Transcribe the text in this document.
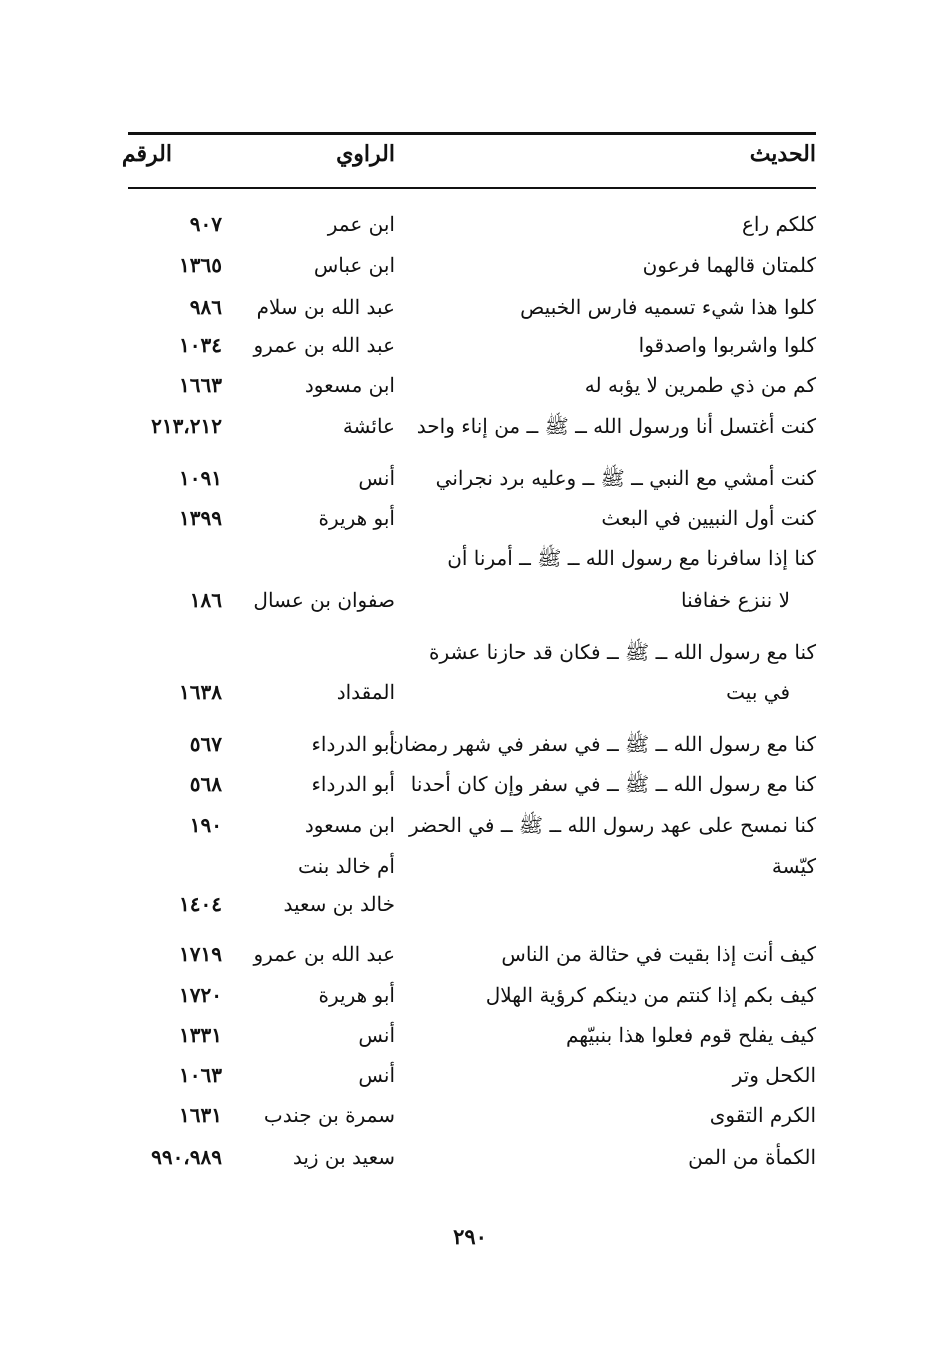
الحديث
الراوي
الرقم
كلكم راع
ابن عمر
٩٠٧
كلمتان قالهما فرعون
ابن عباس
١٣٦٥
كلوا هذا شيء تسميه فارس الخبيص
عبد الله بن سلام
٩٨٦
كلوا واشربوا واصدقوا
عبد الله بن عمرو
١٠٣٤
كم من ذي طمرين لا يؤبه له
ابن مسعود
١٦٦٣
كنت أغتسل أنا ورسول الله ــ ﷺ ــ من إناء واحد
عائشة
٢١٣،٢١٢
كنت أمشي مع النبي ــ ﷺ ــ وعليه برد نجراني
أنس
١٠٩١
كنت أول النبيين في البعث
أبو هريرة
١٣٩٩
كنا إذا سافرنا مع رسول الله ــ ﷺ ــ أمرنا أن
لا ننزع خفافنا
صفوان بن عسال
١٨٦
كنا مع رسول الله ــ ﷺ ــ فكان قد حازنا عشرة
في بيت
المقداد
١٦٣٨
كنا مع رسول الله ــ ﷺ ــ في سفر في شهر رمضان
أبو الدرداء
٥٦٧
كنا مع رسول الله ــ ﷺ ــ في سفر وإن كان أحدنا
أبو الدرداء
٥٦٨
كنا نمسح على عهد رسول الله ــ ﷺ ــ في الحضر
ابن مسعود
١٩٠
كيّسة
أم خالد بنت
خالد بن سعيد
١٤٠٤
كيف أنت إذا بقيت في حثالة من الناس
عبد الله بن عمرو
١٧١٩
كيف بكم إذا كنتم من دينكم كرؤية الهلال
أبو هريرة
١٧٢٠
كيف يفلح قوم فعلوا هذا بنبيّهم
أنس
١٣٣١
الكحل وتر
أنس
١٠٦٣
الكرم التقوى
سمرة بن جندب
١٦٣١
الكمأة من المن
سعيد بن زيد
٩٩٠،٩٨٩
٢٩٠
